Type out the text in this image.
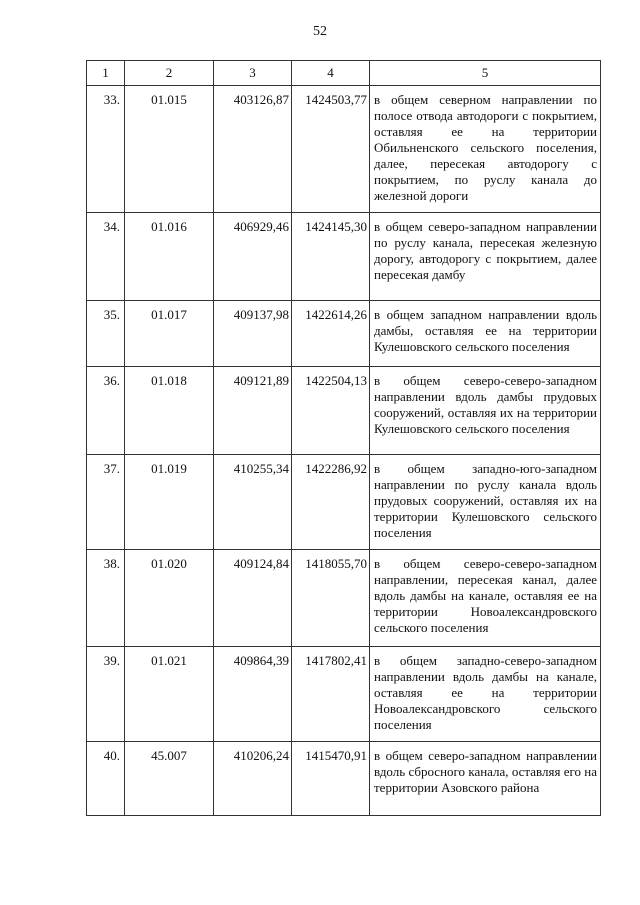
52
1	2	3	4	5
33.	01.015	403126,87	1424503,77	в общем северном направлении по полосе отвода автодороги с покрытием, оставляя ее на территории Обильненского сельского поселения, далее, пересекая автодорогу с покрытием, по руслу канала до железной дороги
34.	01.016	406929,46	1424145,30	в общем северо-западном направлении по руслу канала, пересекая железную дорогу, автодорогу с покрытием, далее пересекая дамбу
35.	01.017	409137,98	1422614,26	в общем западном направлении вдоль дамбы, оставляя ее на территории Кулешовского сельского поселения
36.	01.018	409121,89	1422504,13	в общем северо-северо-западном направлении вдоль дамбы прудовых сооружений, оставляя их на территории Кулешовского сельского поселения
37.	01.019	410255,34	1422286,92	в общем западно-юго-западном направлении по руслу канала вдоль прудовых сооружений, оставляя их на территории Кулешовского сельского поселения
38.	01.020	409124,84	1418055,70	в общем северо-северо-западном направлении, пересекая канал, далее вдоль дамбы на канале, оставляя ее на территории Новоалександровского сельского поселения
39.	01.021	409864,39	1417802,41	в общем западно-северо-западном направлении вдоль дамбы на канале, оставляя ее на территории Новоалександровского сельского поселения
40.	45.007	410206,24	1415470,91	в общем северо-западном направлении вдоль сбросного канала, оставляя его на территории Азовского района
